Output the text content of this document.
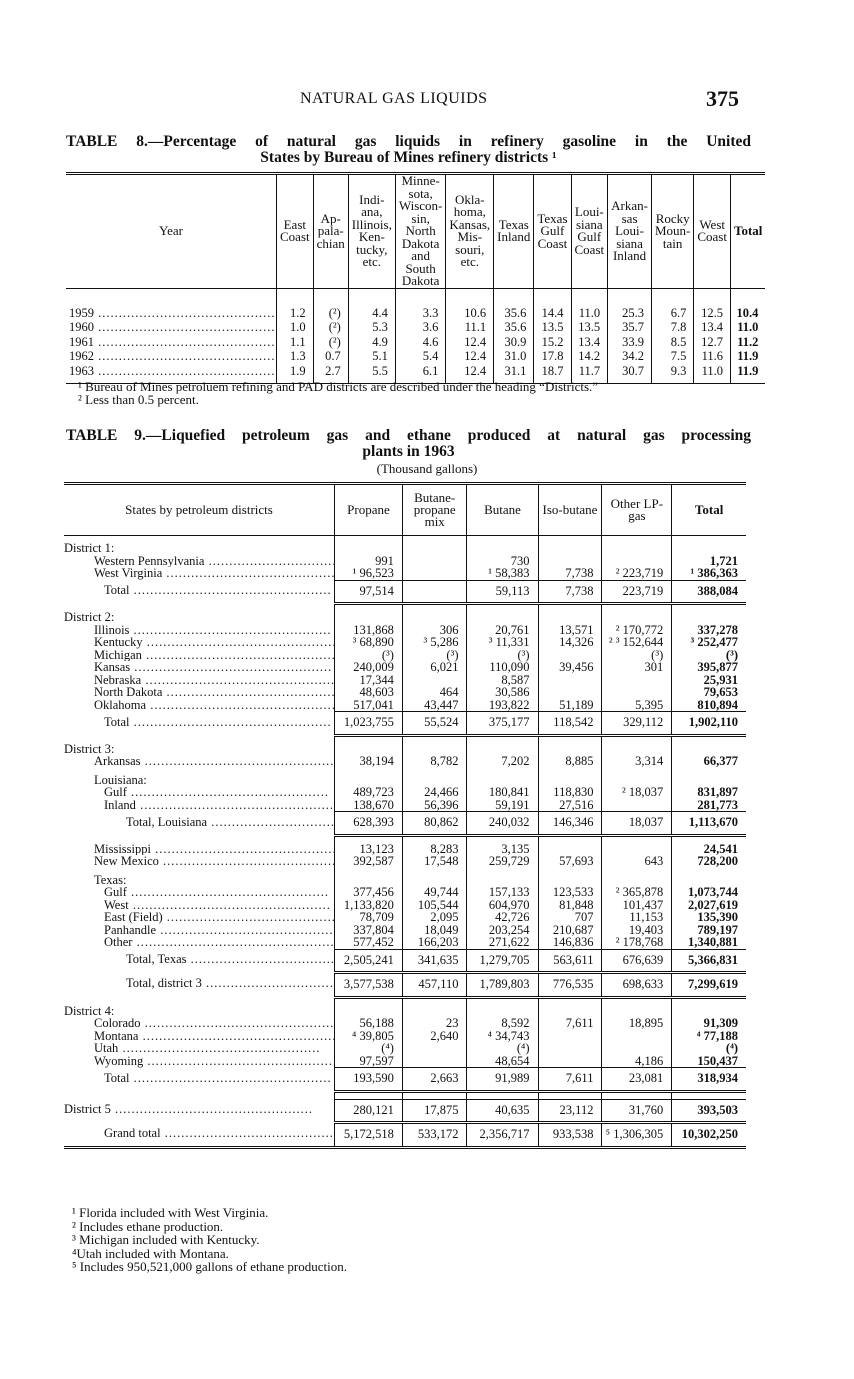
NATURAL GAS LIQUIDS	375
TABLE 8.—Percentage of natural gas liquids in refinery gasoline in the United
States by Bureau of Mines refinery districts ¹
Year	East Coast	Ap-pala-chian	Indi-ana, Illinois, Ken-tucky, etc.	Minne-sota, Wiscon-sin, North Dakota and South Dakota	Okla-homa, Kansas, Mis-souri, etc.	Texas Inland	Texas Gulf Coast	Loui-siana Gulf Coast	Arkan-sas Loui-siana Inland	Rocky Moun-tain	West Coast	Total
1959 .....	1.2	(²)	4.4	3.3	10.6	35.6	14.4	11.0	25.3	6.7	12.5	10.4
1960 .....	1.0	(²)	5.3	3.6	11.1	35.6	13.5	13.5	35.7	7.8	13.4	11.0
1961 .....	1.1	(²)	4.9	4.6	12.4	30.9	15.2	13.4	33.9	8.5	12.7	11.2
1962 .....	1.3	0.7	5.1	5.4	12.4	31.0	17.8	14.2	34.2	7.5	11.6	11.9
1963 .....	1.9	2.7	5.5	6.1	12.4	31.1	18.7	11.7	30.7	9.3	11.0	11.9
¹ Bureau of Mines petroluem refining and PAD districts are described under the heading “Districts.”
² Less than 0.5 percent.
TABLE 9.—Liquefied petroleum gas and ethane produced at natural gas processing
plants in 1963
(Thousand gallons)
States by petroleum districts	Propane	Butane-propane mix	Butane	Iso-butane	Other LP-gas	Total

District 1:						
Western Pennsylvania .....	991		730			1,721
West Virginia .....	¹ 96,523		¹ 58,383	7,738	² 223,719	¹ 386,363
Total .....	97,514		59,113	7,738	223,719	388,084

District 2:						
Illinois .....	131,868	306	20,761	13,571	² 170,772	337,278
Kentucky .....	³ 68,890	³ 5,286	³ 11,331	14,326	² ³ 152,644	³ 252,477
Michigan .....	(³)	(³)	(³)		(³)	(³)
Kansas .....	240,009	6,021	110,090	39,456	301	395,877
Nebraska .....	17,344		8,587			25,931
North Dakota .....	48,603	464	30,586			79,653
Oklahoma .....	517,041	43,447	193,822	51,189	5,395	810,894
Total .....	1,023,755	55,524	375,177	118,542	329,112	1,902,110

District 3:						
Arkansas .....	38,194	8,782	7,202	8,885	3,314	66,377

Louisiana:						
Gulf .....	489,723	24,466	180,841	118,830	² 18,037	831,897
Inland .....	138,670	56,396	59,191	27,516		281,773
Total, Louisiana .....	628,393	80,862	240,032	146,346	18,037	1,113,670

Mississippi .....	13,123	8,283	3,135			24,541
New Mexico .....	392,587	17,548	259,729	57,693	643	728,200

Texas:						
Gulf .....	377,456	49,744	157,133	123,533	² 365,878	1,073,744
West .....	1,133,820	105,544	604,970	81,848	101,437	2,027,619
East (Field) .....	78,709	2,095	42,726	707	11,153	135,390
Panhandle .....	337,804	18,049	203,254	210,687	19,403	789,197
Other .....	577,452	166,203	271,622	146,836	² 178,768	1,340,881
Total, Texas .....	2,505,241	341,635	1,279,705	563,611	676,639	5,366,831
Total, district 3 .....	3,577,538	457,110	1,789,803	776,535	698,633	7,299,619

District 4:						
Colorado .....	56,188	23	8,592	7,611	18,895	91,309
Montana .....	⁴ 39,805	2,640	⁴ 34,743			⁴ 77,188
Utah .....	(⁴)		(⁴)			(⁴)
Wyoming .....	97,597		48,654		4,186	150,437
Total .....	193,590	2,663	91,989	7,611	23,081	318,934

District 5 .....	280,121	17,875	40,635	23,112	31,760	393,503
Grand total .....	5,172,518	533,172	2,356,717	933,538	⁵ 1,306,305	10,302,250
¹ Florida included with West Virginia.
² Includes ethane production.
³ Michigan included with Kentucky.
⁴Utah included with Montana.
⁵ Includes 950,521,000 gallons of ethane production.
